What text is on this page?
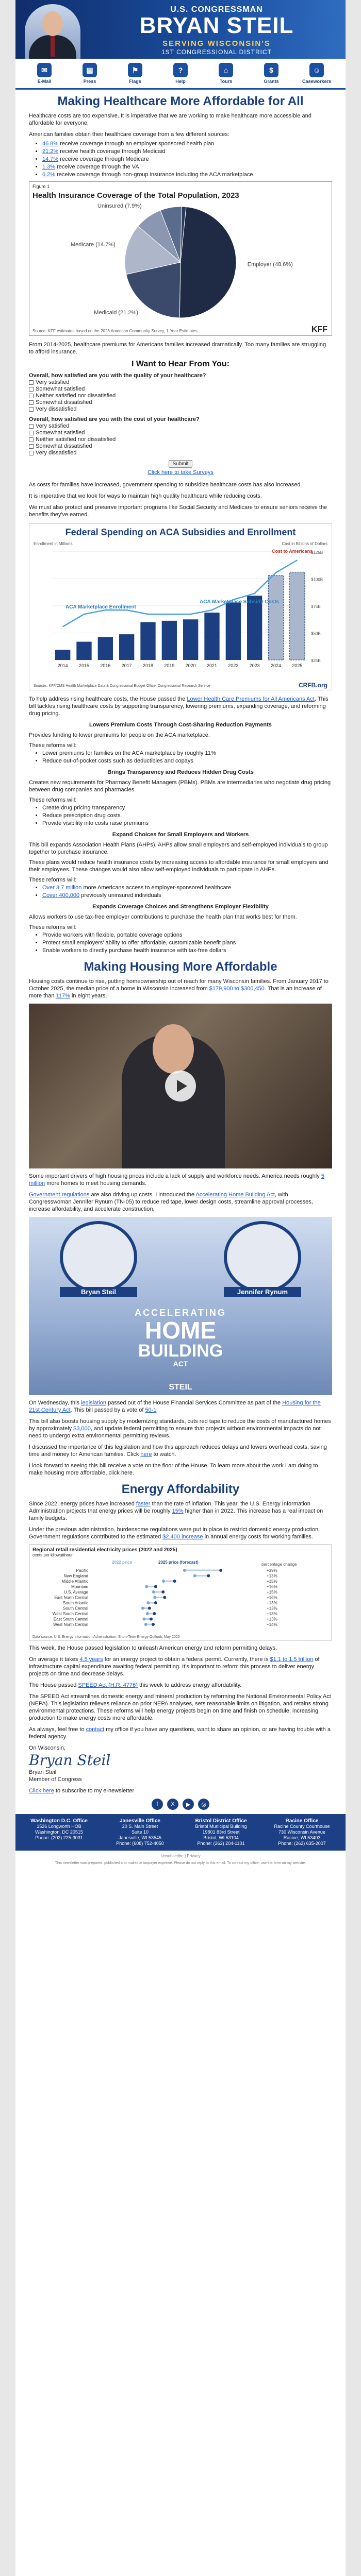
U.S. CONGRESSMAN
BRYAN STEIL
SERVING WISCONSIN'S
1ST CONGRESSIONAL DISTRICT
✉
E-Mail
▤
Press
⚑
Flags
?
Help
⌂
Tours
$
Grants
☺
Caseworkers
Making Healthcare More Affordable for All

Healthcare costs are too expensive. It is imperative that we are working to make healthcare more accessible and affordable for everyone.

American families obtain their healthcare coverage from a few different sources:

• 46.8% receive coverage through an employer sponsored health plan
• 21.2% receive health coverage through Medicaid
• 14.7% receive coverage through Medicare
• 1.3% receive coverage through the VA
• 6.2% receive coverage through non-group insurance including the ACA marketplace
Figure 1
Health Insurance Coverage of the Total Population, 2023
Employer (48.6%)
Medicaid (21.2%)
Medicare (14.7%)
Uninsured (7.9%)
Source: KFF estimates based on the 2023 American Community Survey, 1-Year Estimates.	KFF

From 2014-2025, healthcare premiums for Americans families increased dramatically. Too many families are struggling to afford insurance.

I Want to Hear From You:

Overall, how satisfied are you with the quality of your healthcare?

Very satisfied
Somewhat satisfied
Neither satisfied nor dissatisfied
Somewhat dissatisfied
Very dissatisfied

Overall, how satisfied are you with the cost of your healthcare?

Very satisfied
Somewhat satisfied
Neither satisfied nor dissatisfied
Somewhat dissatisfied
Very dissatisfied
Submit
Click here to take Surveys

As costs for families have increased, government spending to subsidize healthcare costs has also increased.

It is imperative that we look for ways to maintain high quality healthcare while reducing costs.

We must also protect and preserve important programs like Social Security and Medicare to ensure seniors receive the benefits they've earned.

Federal Spending on ACA Subsidies and Enrollment
Enrollment in Millions	Cost in Billions of Dollars
$125B
$100B
$75B
$50B
$25B
2014 2015 2016 2017 2018 2019 2020 2021 2022 2023 2024 2025
ACA Marketplace Enrollment
ACA Marketplace Subsidy Costs
Cost to Americans
Sources: KFF/CMS Health Marketplace Data & Congressional Budget Office; Congressional Research Service	CRFB.org

To help address rising healthcare costs, the House passed the Lower Health Care Premiums for All Americans Act. This bill tackles rising healthcare costs by supporting transparency, lowering premiums, expanding coverage, and reforming drug pricing.

Lowers Premium Costs Through Cost-Sharing Reduction Payments

Provides funding to lower premiums for people on the ACA marketplace.

These reforms will:

• Lower premiums for families on the ACA marketplace by roughly 11%
• Reduce out-of-pocket costs such as deductibles and copays

Brings Transparency and Reduces Hidden Drug Costs

Creates new requirements for Pharmacy Benefit Managers (PBMs). PBMs are intermediaries who negotiate drug pricing between drug companies and pharmacies.

These reforms will:

• Create drug pricing transparency
• Reduce prescription drug costs
• Provide visibility into costs raise premiums

Expand Choices for Small Employers and Workers

This bill expands Association Health Plans (AHPs). AHPs allow small employers and self-employed individuals to group together to purchase insurance.

These plans would reduce health insurance costs by increasing access to affordable insurance for small employers and their employees. These changes would also allow self-employed individuals to participate in AHPs.

These reforms will:

• Over 3.7 million more Americans access to employer-sponsored healthcare
• Cover 400,000 previously uninsured individuals

Expands Coverage Choices and Strengthens Employer Flexibility

Allows workers to use tax-free employer contributions to purchase the health plan that works best for them.

These reforms will:

• Provide workers with flexible, portable coverage options
• Protect small employers' ability to offer affordable, customizable benefit plans
• Enable workers to directly purchase health insurance with tax-free dollars
Making Housing More Affordable

Housing costs continue to rise, putting homeownership out of reach for many Wisconsin families. From January 2017 to October 2025, the median price of a home in Wisconsin increased from $179,900 to $300,450. That is an increase of more than 117% in eight years.

Some important drivers of high housing prices include a lack of supply and workforce needs. America needs roughly 5 million more homes to meet housing demands.

Government regulations are also driving up costs. I introduced the Accelerating Home Building Act, with Congresswoman Jennifer Rynum (TN-05) to reduce red tape, lower design costs, streamline approval processes, increase affordability, and accelerate construction.

Bryan Steil	Jennifer Rynum
ACCELERATING
HOME
BUILDING
ACT
STEIL

On Wednesday, this legislation passed out of the House Financial Services Committee as part of the Housing for the 21st Century Act. This bill passed by a vote of 50-1

This bill also boosts housing supply by modernizing standards, cuts red tape to reduce the costs of manufactured homes by approximately $3,000, and update federal permitting to ensure that projects without environmental impacts do not need to undergo extra environmental permitting reviews.

I discussed the importance of this legislation and how this approach reduces delays and lowers overhead costs, saving time and money for American families. Click here to watch.

I look forward to seeing this bill receive a vote on the floor of the House. To learn more about the work I am doing to make housing more affordable, click here.

Energy Affordability

Since 2022, energy prices have increased faster than the rate of inflation. This year, the U.S. Energy Information Administration projects that energy prices will be roughly 15% higher than in 2022. This increase has a real impact on family budgets.

Under the previous administration, burdensome regulations were put in place to restrict domestic energy production. Government regulations contributed to the estimated $2,400 increase in annual energy costs for working families.

Regional retail residential electricity prices (2022 and 2025)
cents per kilowatthour
2022 price	2025 price (forecast)	percentage change
Pacific	+39%
New England	+13%
Middle Atlantic	+15%
Mountain	+16%
U.S. Average	+15%
East North Central	+16%
South Atlantic	+13%
South Central	+13%
West South Central	+13%
East South Central	+13%
West North Central	+14%
Data source: U.S. Energy Information Administration, Short-Term Energy Outlook, May 2025

This week, the House passed legislation to unleash American energy and reform permitting delays.

On average it takes 4.5 years for an energy project to obtain a federal permit. Currently, there is $1.1 to 1.5 trillion of infrastructure capital expenditure awaiting federal permitting. It's important to reform this process to deliver energy projects on time and decrease delays.

The House passed SPEED Act (H.R. 4776) this week to address energy affordability.

The SPEED Act streamlines domestic energy and mineral production by reforming the National Environmental Policy Act (NEPA). This legislation relieves reliance on prior NEPA analyses, sets reasonable limits on litigation, and retains strong environmental protections. These reforms will help energy projects begin on time and finish on schedule, increasing production to make energy costs more affordable.

As always, feel free to contact my office if you have any questions, want to share an opinion, or are having trouble with a federal agency.

On Wisconsin,

Bryan Steil

Bryan Steil

Member of Congress

Click here to subscribe to my e-newsletter

f	X	▶	◎
Washington D.C. Office
1526 Longworth HOB
Washington, DC 20515
Phone: (202) 225-3031
Janesville Office
20 S. Main Street
Suite 10
Janesville, WI 53545
Phone: (608) 752-4050
Bristol District Office
Bristol Municipal Building
19801 83rd Street
Bristol, WI 53104
Phone: (262) 204-1101
Racine Office
Racine County Courthouse
730 Wisconsin Avenue
Racine, WI 53403
Phone: (262) 635-2007
Unsubscribe | Privacy
This newsletter was prepared, published and mailed at taxpayer expense. Please do not reply to this email. To contact my office, use the form on my website.
